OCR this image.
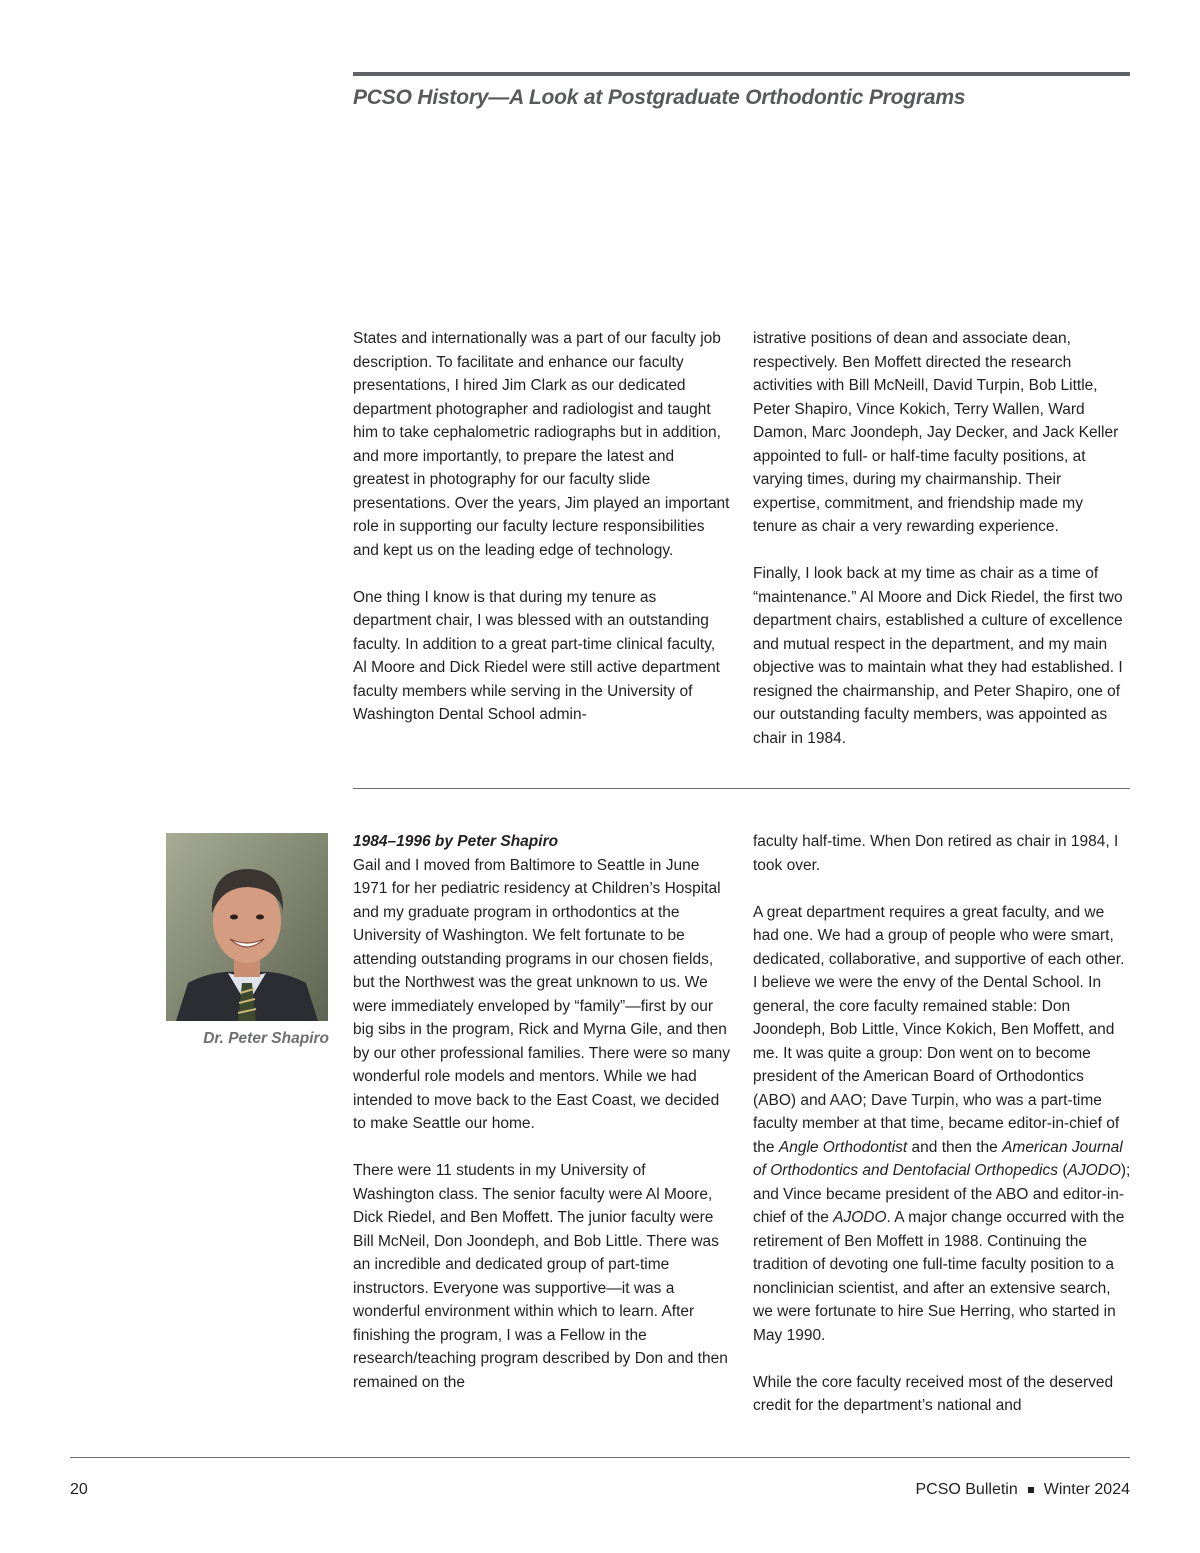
PCSO History—A Look at Postgraduate Orthodontic Programs

States and internationally was a part of our faculty job description. To facilitate and enhance our faculty presentations, I hired Jim Clark as our dedicated department photographer and radiologist and taught him to take cephalometric radiographs but in addition, and more importantly, to prepare the latest and greatest in photography for our faculty slide presentations. Over the years, Jim played an important role in supporting our faculty lecture responsibilities and kept us on the leading edge of technology.

One thing I know is that during my tenure as department chair, I was blessed with an outstanding faculty. In addition to a great part-time clinical faculty, Al Moore and Dick Riedel were still active department faculty members while serving in the University of Washington Dental School admin-

istrative positions of dean and associate dean, respectively. Ben Moffett directed the research activities with Bill McNeill, David Turpin, Bob Little, Peter Shapiro, Vince Kokich, Terry Wallen, Ward Damon, Marc Joondeph, Jay Decker, and Jack Keller appointed to full- or half-time faculty positions, at varying times, during my chairmanship. Their expertise, commitment, and friendship made my tenure as chair a very rewarding experience.

Finally, I look back at my time as chair as a time of “maintenance.” Al Moore and Dick Riedel, the first two department chairs, established a culture of excellence and mutual respect in the department, and my main objective was to maintain what they had established. I resigned the chairmanship, and Peter Shapiro, one of our outstanding faculty members, was appointed as chair in 1984.

Dr. Peter Shapiro

1984–1996 by Peter Shapiro
Gail and I moved from Baltimore to Seattle in June 1971 for her pediatric residency at Children’s Hospital and my graduate program in orthodontics at the University of Washington. We felt fortunate to be attending outstanding programs in our chosen fields, but the Northwest was the great unknown to us. We were immediately enveloped by “family”—first by our big sibs in the program, Rick and Myrna Gile, and then by our other professional families. There were so many wonderful role models and mentors. While we had intended to move back to the East Coast, we decided to make Seattle our home.

There were 11 students in my University of Washington class. The senior faculty were Al Moore, Dick Riedel, and Ben Moffett. The junior faculty were Bill McNeil, Don Joondeph, and Bob Little. There was an incredible and dedicated group of part-time instructors. Everyone was supportive—it was a wonderful environment within which to learn. After finishing the program, I was a Fellow in the research/teaching program described by Don and then remained on the

faculty half-time. When Don retired as chair in 1984, I took over.

A great department requires a great faculty, and we had one. We had a group of people who were smart, dedicated, collaborative, and supportive of each other. I believe we were the envy of the Dental School. In general, the core faculty remained stable: Don Joondeph, Bob Little, Vince Kokich, Ben Moffett, and me. It was quite a group: Don went on to become president of the American Board of Orthodontics (ABO) and AAO; Dave Turpin, who was a part-time faculty member at that time, became editor-in-chief of the Angle Orthodontist and then the American Journal of Orthodontics and Dentofacial Orthopedics (AJODO); and Vince became president of the ABO and editor-in-chief of the AJODO. A major change occurred with the retirement of Ben Moffett in 1988. Continuing the tradition of devoting one full-time faculty position to a nonclinician scientist, and after an extensive search, we were fortunate to hire Sue Herring, who started in May 1990.

While the core faculty received most of the deserved credit for the department’s national and

20	PCSO Bulletin Winter 2024
